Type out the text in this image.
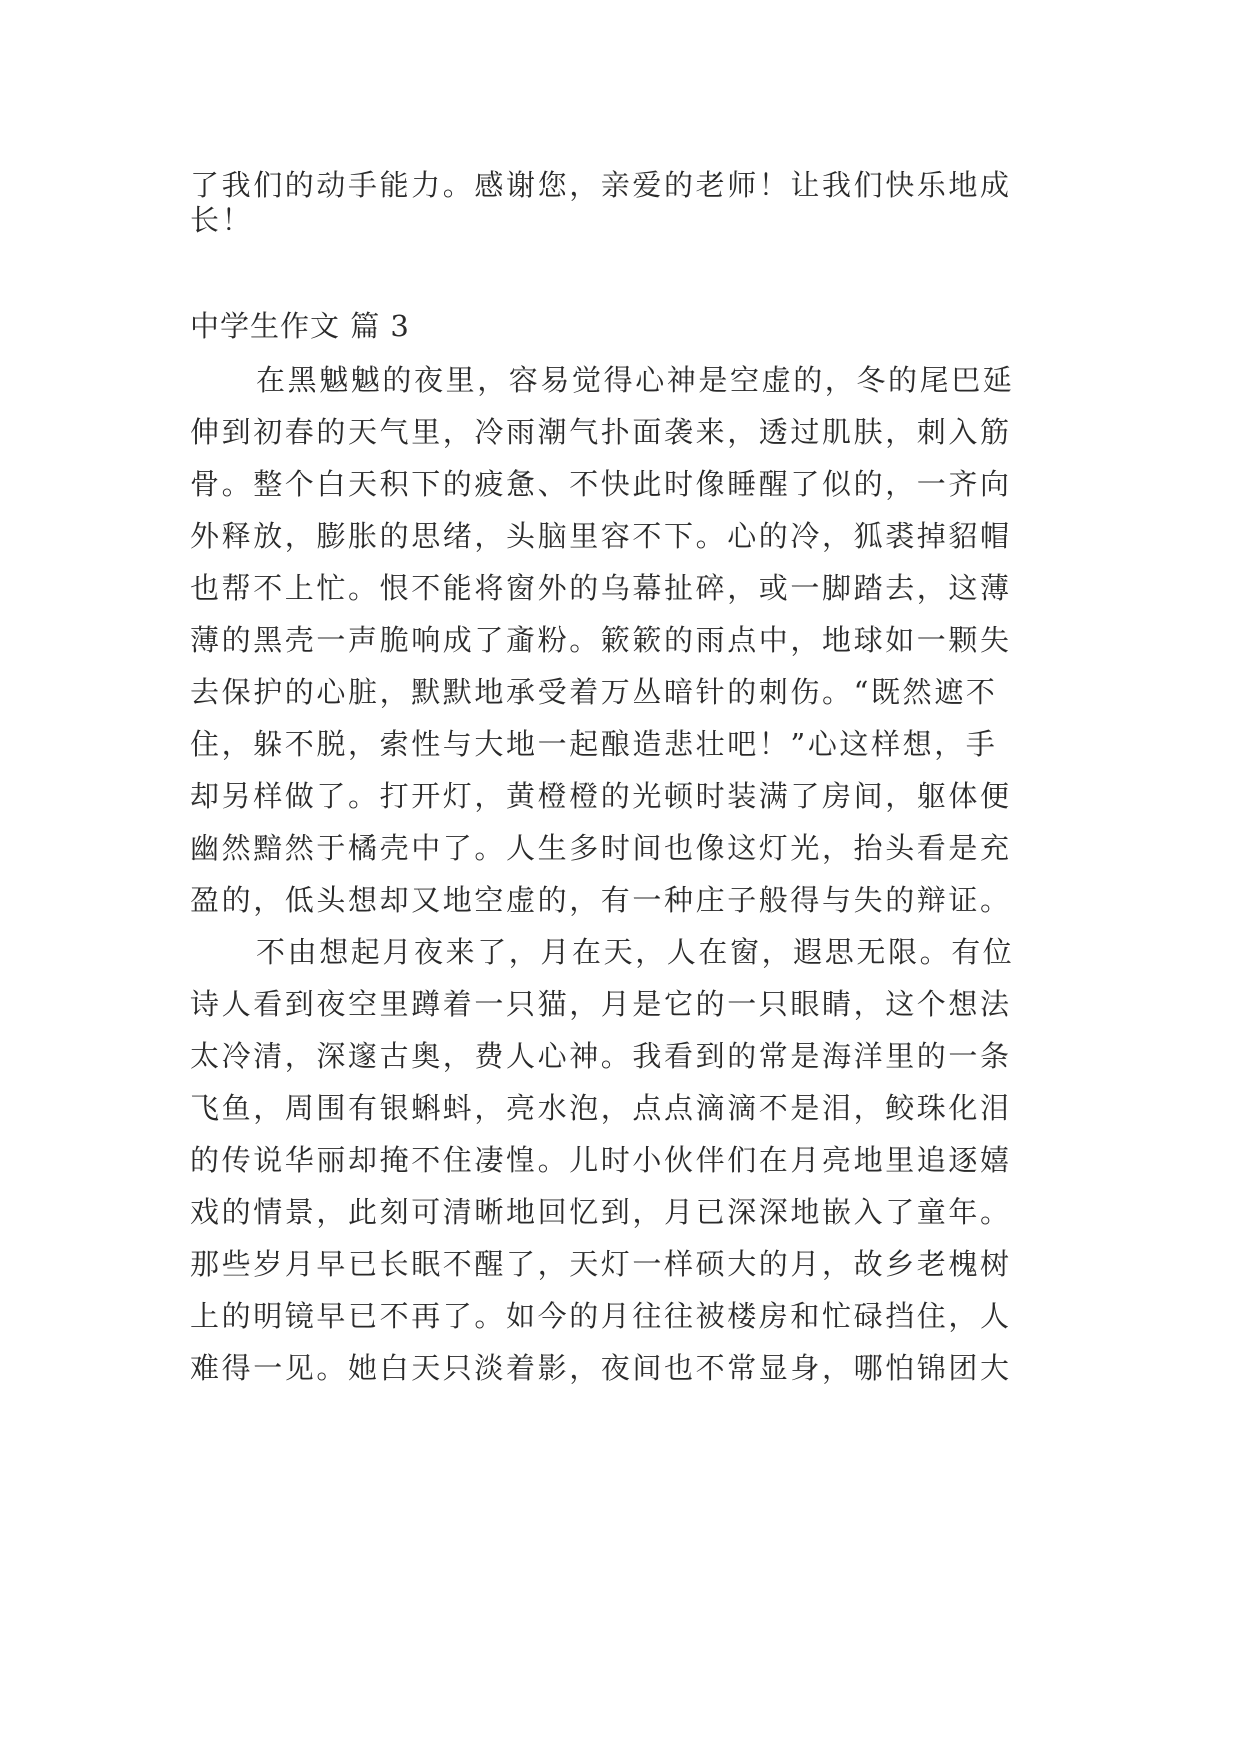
了我们的动手能力。感谢您，亲爱的老师！让我们快乐地成

长！

中学生作文 篇 3

在黑魆魆的夜里，容易觉得心神是空虚的，冬的尾巴延

伸到初春的天气里，冷雨潮气扑面袭来，透过肌肤，刺入筋

骨。整个白天积下的疲惫、不快此时像睡醒了似的，一齐向

外释放，膨胀的思绪，头脑里容不下。心的冷，狐裘掉貂帽

也帮不上忙。恨不能将窗外的乌幕扯碎，或一脚踏去，这薄

薄的黑壳一声脆响成了齑粉。簌簌的雨点中，地球如一颗失

去保护的心脏，默默地承受着万丛暗针的刺伤。“既然遮不

住，躲不脱，索性与大地一起酿造悲壮吧！”心这样想，手

却另样做了。打开灯，黄橙橙的光顿时装满了房间，躯体便

幽然黯然于橘壳中了。人生多时间也像这灯光，抬头看是充

盈的，低头想却又地空虚的，有一种庄子般得与失的辩证。

不由想起月夜来了，月在天，人在窗，遐思无限。有位

诗人看到夜空里蹲着一只猫，月是它的一只眼睛，这个想法

太冷清，深邃古奥，费人心神。我看到的常是海洋里的一条

飞鱼，周围有银蝌蚪，亮水泡，点点滴滴不是泪，鲛珠化泪

的传说华丽却掩不住凄惶。儿时小伙伴们在月亮地里追逐嬉

戏的情景，此刻可清晰地回忆到，月已深深地嵌入了童年。

那些岁月早已长眠不醒了，天灯一样硕大的月，故乡老槐树

上的明镜早已不再了。如今的月往往被楼房和忙碌挡住，人

难得一见。她白天只淡着影，夜间也不常显身，哪怕锦团大
